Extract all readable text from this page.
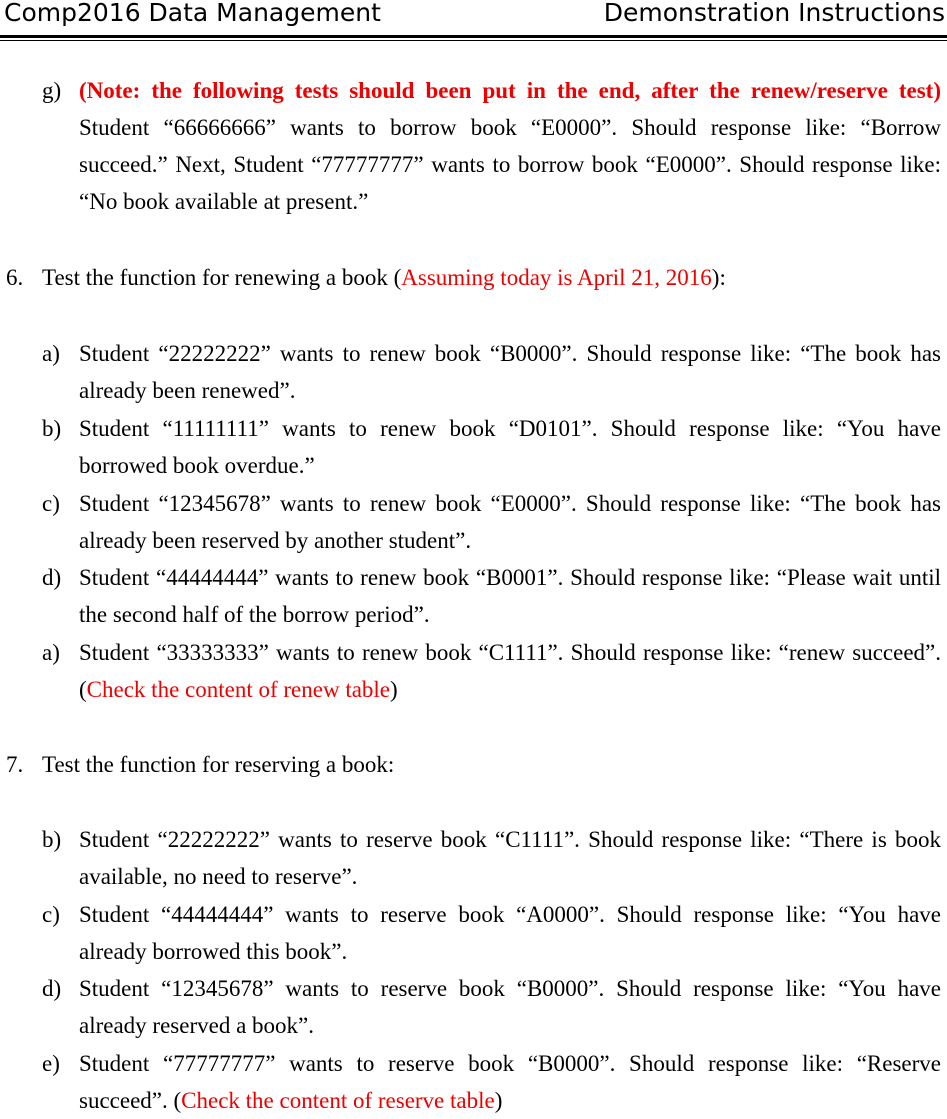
Comp2016 Data Management	Demonstration Instructions
g) (Note: the following tests should been put in the end, after the renew/reserve test) Student “66666666” wants to borrow book “E0000”. Should response like: “Borrow succeed.” Next, Student “77777777” wants to borrow book “E0000”. Should response like: “No book available at present.”
6. Test the function for renewing a book (Assuming today is April 21, 2016):
a) Student “22222222” wants to renew book “B0000”. Should response like: “The book has already been renewed”.
b) Student “11111111” wants to renew book “D0101”. Should response like: “You have borrowed book overdue.”
c) Student “12345678” wants to renew book “E0000”. Should response like: “The book has already been reserved by another student”.
d) Student “44444444” wants to renew book “B0001”. Should response like: “Please wait until the second half of the borrow period”.
a) Student “33333333” wants to renew book “C1111”. Should response like: “renew succeed”. (Check the content of renew table)
7. Test the function for reserving a book:
b) Student “22222222” wants to reserve book “C1111”. Should response like: “There is book available, no need to reserve”.
c) Student “44444444” wants to reserve book “A0000”. Should response like: “You have already borrowed this book”.
d) Student “12345678” wants to reserve book “B0000”. Should response like: “You have already reserved a book”.
e) Student “77777777” wants to reserve book “B0000”. Should response like: “Reserve succeed”. (Check the content of reserve table)
